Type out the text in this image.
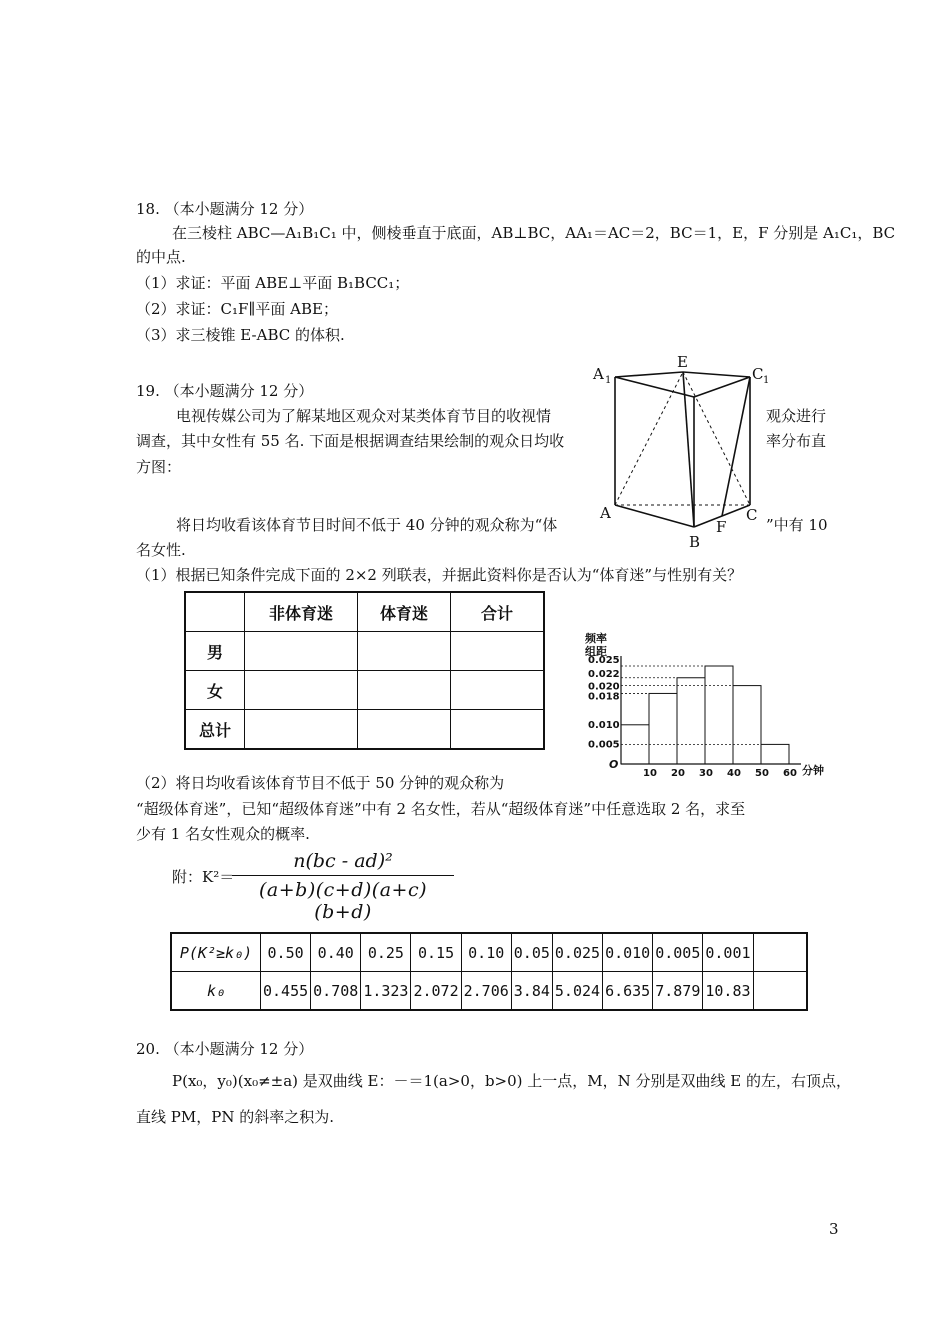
18. （本小题满分 12 分）
在三棱柱 ABC—A₁B₁C₁ 中，侧棱垂直于底面，AB⊥BC，AA₁＝AC＝2，BC＝1，E，F 分别是 A₁C₁，BC
的中点.
（1）求证：平面 ABE⊥平面 B₁BCC₁；
（2）求证：C₁F∥平面 ABE；
（3）求三棱锥 E-ABC 的体积.
19. （本小题满分 12 分）
电视传媒公司为了解某地区观众对某类体育节目的收视情	观众进行
调查，其中女性有 55 名. 下面是根据调查结果绘制的观众日均收	率分布直
方图：
A 1
E
C 1
A
B
C
F
将日均收看该体育节目时间不低于 40 分钟的观众称为“体	”中有 10
名女性.
（1）根据已知条件完成下面的 2×2 列联表，并据此资料你是否认为“体育迷”与性别有关？
	非体育迷	体育迷	合计
男			
女			
总计			
频率
组距
分钟
O
10 20 30 40 50 60
0.005
0.010
0.018
0.020
0.022
0.025
（2）将日均收看该体育节目不低于 50 分钟的观众称为
“超级体育迷”，已知“超级体育迷”中有 2 名女性，若从“超级体育迷”中任意选取 2 名，求至
少有 1 名女性观众的概率.
附：K²＝
n(bc - ad)²
(a+b)(c+d)(a+c)(b+d)
P(K²≥k₀)	0.50	0.40	0.25	0.15	0.10	0.05	0.025	0.010	0.005	0.001	
k₀	0.455	0.708	1.323	2.072	2.706	3.84	5.024	6.635	7.879	10.83	
20. （本小题满分 12 分）
P(x₀，y₀)(x₀≠±a) 是双曲线 E：－＝1(a>0，b>0) 上一点，M，N 分别是双曲线 E 的左，右顶点，
直线 PM，PN 的斜率之积为.
3
